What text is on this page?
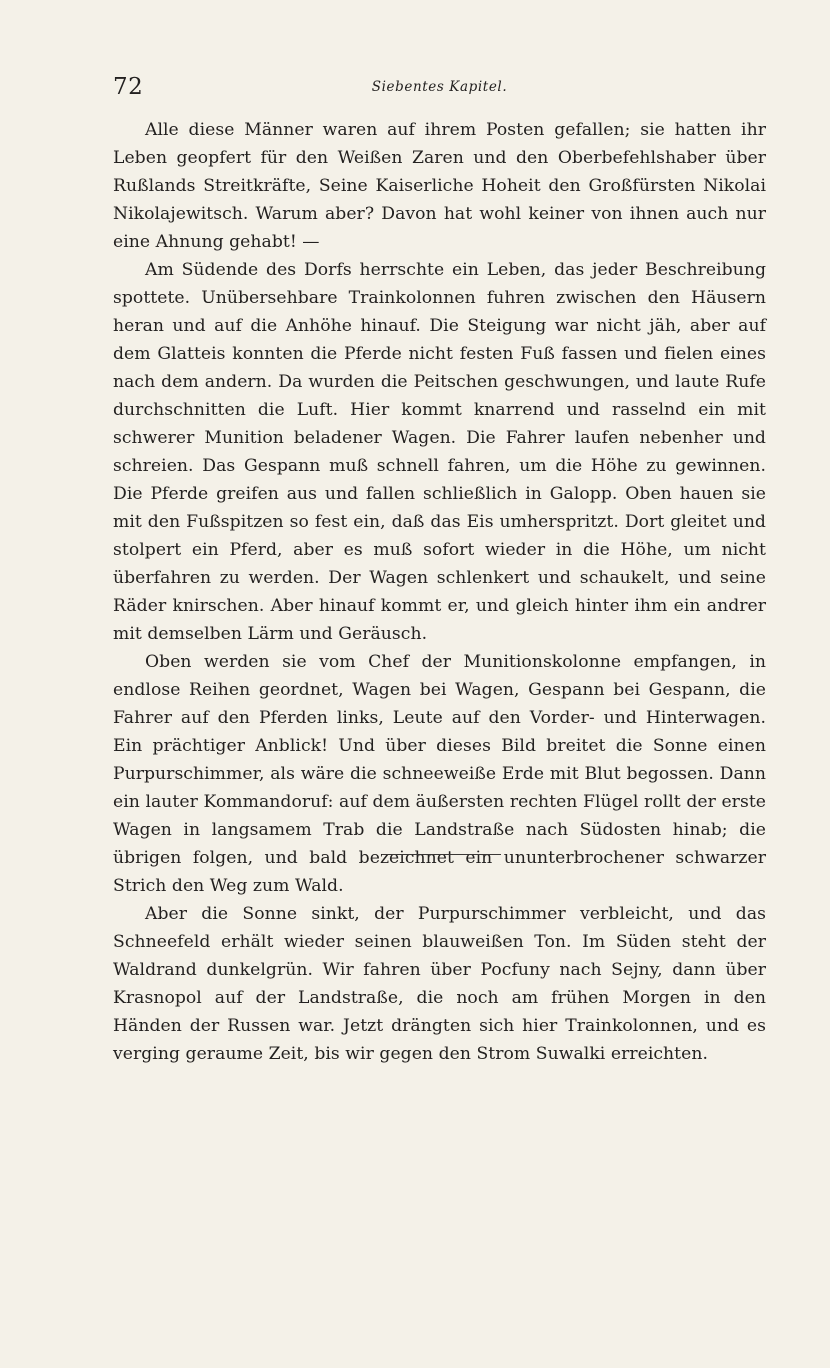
72	Siebentes Kapitel.

Alle diese Männer waren auf ihrem Posten gefallen; sie hatten ihr Leben geopfert für den Weißen Zaren und den Oberbefehlshaber über Rußlands Streitkräfte, Seine Kaiserliche Hoheit den Großfürsten Nikolai Nikolajewitsch. Warum aber? Davon hat wohl keiner von ihnen auch nur eine Ahnung gehabt! —

Am Südende des Dorfs herrschte ein Leben, das jeder Beschreibung spottete. Unübersehbare Trainkolonnen fuhren zwischen den Häusern heran und auf die Anhöhe hinauf. Die Steigung war nicht jäh, aber auf dem Glatteis konnten die Pferde nicht festen Fuß fassen und fielen eines nach dem andern. Da wurden die Peitschen geschwungen, und laute Rufe durchschnitten die Luft. Hier kommt knarrend und rasselnd ein mit schwerer Munition beladener Wagen. Die Fahrer laufen nebenher und schreien. Das Gespann muß schnell fahren, um die Höhe zu gewinnen. Die Pferde greifen aus und fallen schließlich in Galopp. Oben hauen sie mit den Fußspitzen so fest ein, daß das Eis umherspritzt. Dort gleitet und stolpert ein Pferd, aber es muß sofort wieder in die Höhe, um nicht überfahren zu werden. Der Wagen schlenkert und schaukelt, und seine Räder knirschen. Aber hinauf kommt er, und gleich hinter ihm ein andrer mit demselben Lärm und Geräusch.

Oben werden sie vom Chef der Munitionskolonne empfangen, in endlose Reihen geordnet, Wagen bei Wagen, Gespann bei Gespann, die Fahrer auf den Pferden links, Leute auf den Vorder- und Hinterwagen. Ein prächtiger Anblick! Und über dieses Bild breitet die Sonne einen Purpurschimmer, als wäre die schneeweiße Erde mit Blut begossen. Dann ein lauter Kommandoruf: auf dem äußersten rechten Flügel rollt der erste Wagen in langsamem Trab die Landstraße nach Südosten hinab; die übrigen folgen, und bald bezeichnet ein ununterbrochener schwarzer Strich den Weg zum Wald.

Aber die Sonne sinkt, der Purpurschimmer verbleicht, und das Schneefeld erhält wieder seinen blauweißen Ton. Im Süden steht der Waldrand dunkelgrün. Wir fahren über Pocfuny nach Sejny, dann über Krasnopol auf der Landstraße, die noch am frühen Morgen in den Händen der Russen war. Jetzt drängten sich hier Trainkolonnen, und es verging geraume Zeit, bis wir gegen den Strom Suwalki erreichten.
